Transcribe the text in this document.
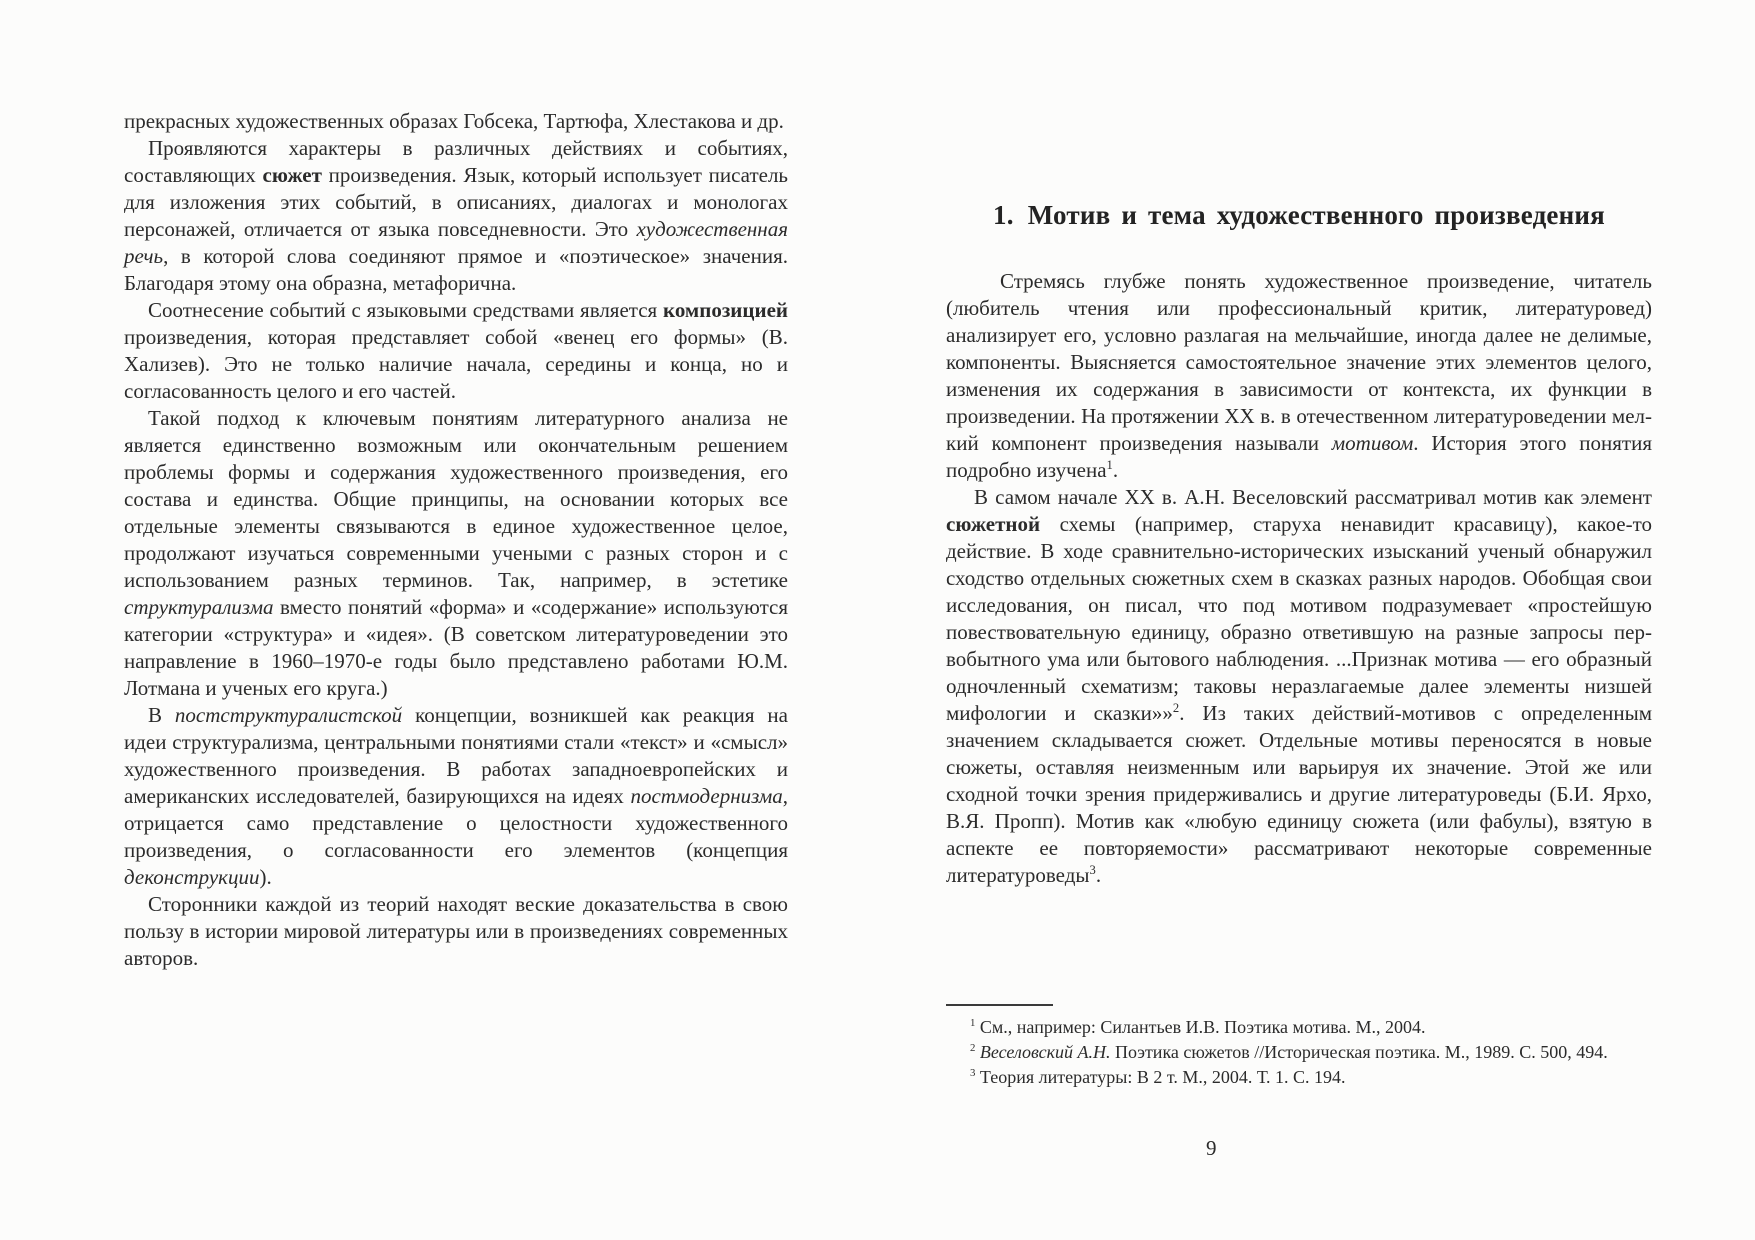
прекрасных художественных образах Гобсека, Тартюфа, Хлестакова и др.

Проявляются характеры в различных действиях и событиях, составляющих сюжет произведения. Язык, который использует писатель для изложения этих событий, в описаниях, диалогах и монологах персонажей, отличается от языка повседневности. Это художественная речь, в которой слова соединяют прямое и «поэтическое» значения. Благодаря этому она образна, метафорична.

Соотнесение событий с языковыми средствами является композицией произведения, которая представляет собой «венец его формы» (В. Хализев). Это не только наличие начала, середины и конца, но и согласованность целого и его частей.

Такой подход к ключевым понятиям литературного анализа не является единственно возможным или окончательным решением проблемы формы и содержания художественного произведения, его состава и единства. Общие принципы, на основании которых все отдельные элементы связываются в единое художественное целое, продолжают изучаться современными учеными с разных сторон и с использованием разных терминов. Так, например, в эстетике структурализма вместо понятий «форма» и «содержание» используются категории «структура» и «идея». (В советском литературоведении это направление в 1960–1970-е годы было представлено работами Ю.М. Лотмана и ученых его круга.)

В постструктуралистской концепции, возникшей как реакция на идеи структурализма, центральными понятиями стали «текст» и «смысл» художественного произведения. В работах западноевропейских и американских исследователей, базирующихся на идеях постмодернизма, отрицается само представление о целостности художественного произведения, о согласованности его элементов (концепция деконструкции).

Сторонники каждой из теорий находят веские доказательства в свою пользу в истории мировой литературы или в произведениях современных авторов.

1. Мотив и тема художественного произведения

Стремясь глубже понять художественное произведение, читатель (любитель чтения или профессиональный критик, литературовед) анализирует его, условно разлагая на мельчайшие, иногда далее не делимые, компоненты. Выясняется самостоятельное значение этих элементов целого, изменения их содержания в зависимости от контекста, их функции в произведении. На протяжении XX в. в отечественном литературоведении мелкий компонент произведения называли мотивом. История этого понятия подробно изучена$^1$.

В самом начале XX в. А.Н. Веселовский рассматривал мотив как элемент сюжетной схемы (например, старуха ненавидит красавицу), какое-то действие. В ходе сравнительно-исторических изысканий ученый обнаружил сходство отдельных сюжетных схем в сказках разных народов. Обобщая свои исследования, он писал, что под мотивом подразумевает «простейшую повествовательную единицу, образно ответившую на разные запросы первобытного ума или бытового наблюдения. ...Признак мотива — его образный одночленный схематизм; таковы неразлагаемые далее элементы низшей мифологии и сказки»»$^2$. Из таких действий-мотивов с определенным значением складывается сюжет. Отдельные мотивы переносятся в новые сюжеты, оставляя неизменным или варьируя их значение. Этой же или сходной точки зрения придерживались и другие литературоведы (Б.И. Ярхо, В.Я. Пропп). Мотив как «любую единицу сюжета (или фабулы), взятую в аспекте ее повторяемости» рассматривают некоторые современные литературоведы$^3$.

$^1$ См., например: Силантьев И.В. Поэтика мотива. М., 2004.

$^2$ Веселовский А.Н. Поэтика сюжетов //Историческая поэтика. М., 1989. С. 500, 494.

$^3$ Теория литературы: В 2 т. М., 2004. Т. 1. С. 194.

9
